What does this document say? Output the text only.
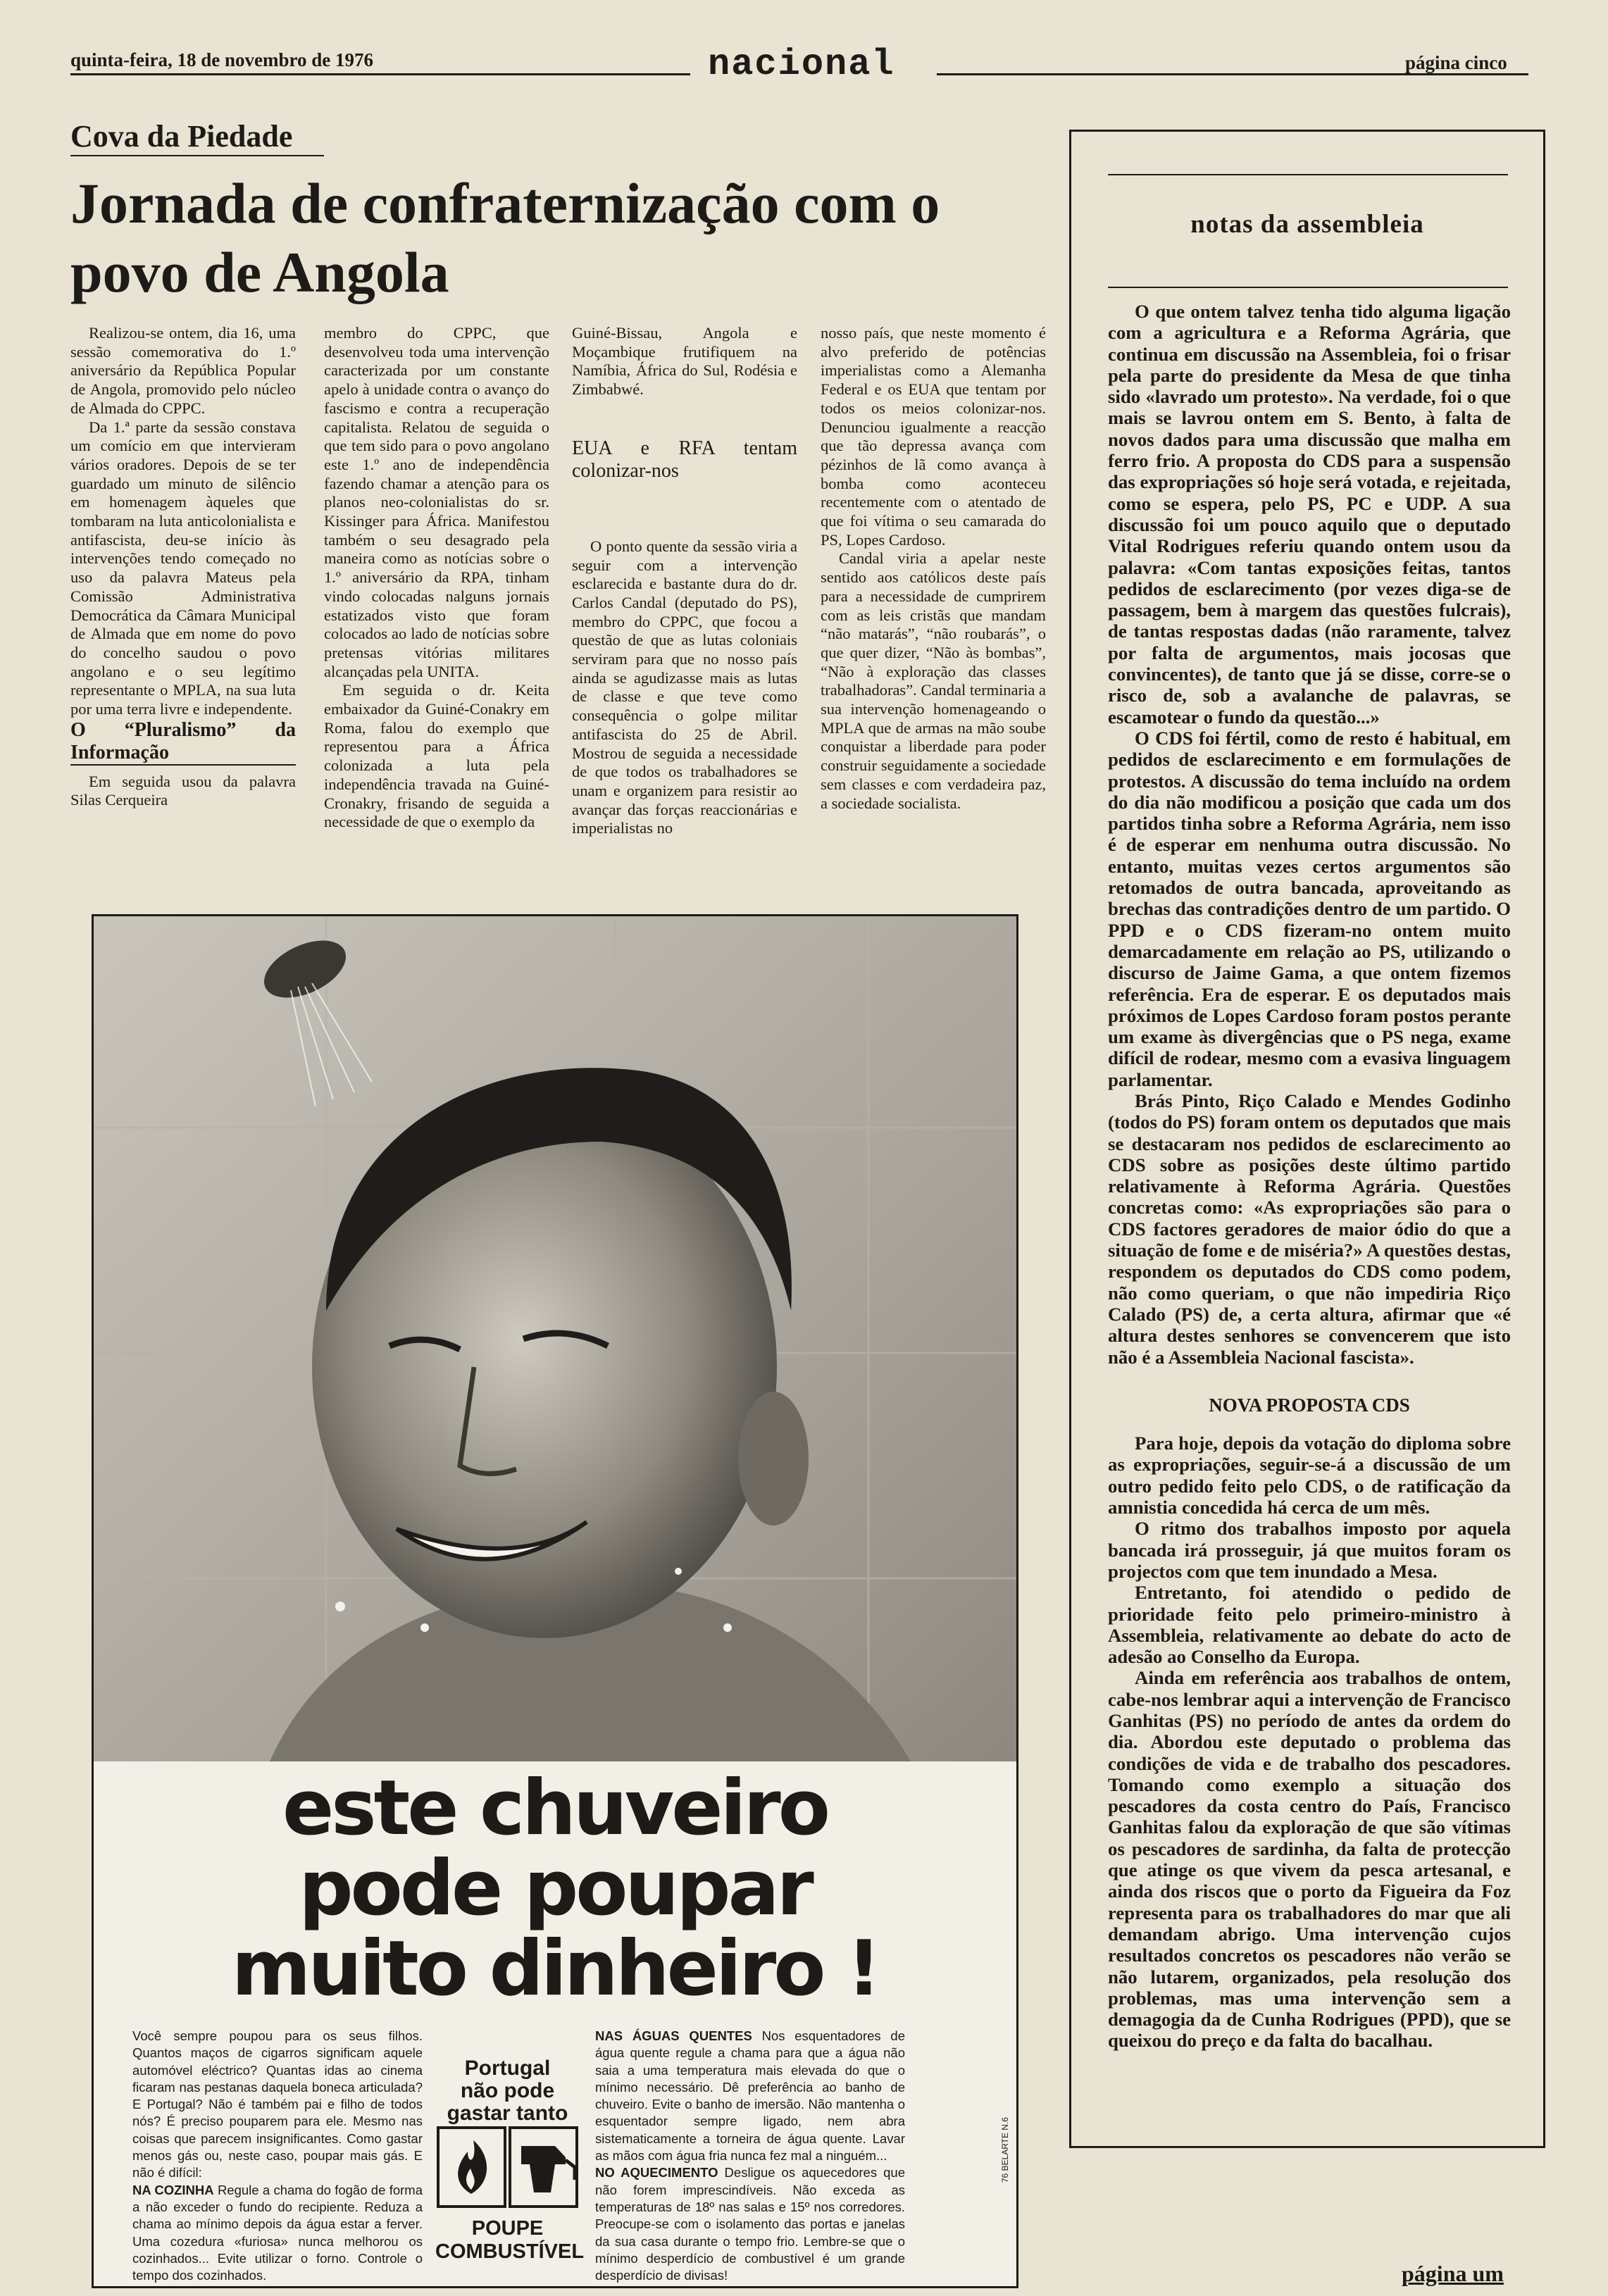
quinta-feira, 18 de novembro de 1976	nacional	página cinco
Cova da Piedade
Jornada de confraternização com o povo de Angola

Realizou-se ontem, dia 16, uma sessão comemorativa do 1.º aniversário da República Popular de Angola, promovido pelo núcleo de Almada do CPPC.

Da 1.ª parte da sessão constava um comício em que intervieram vários oradores. Depois de se ter guardado um minuto de silêncio em homenagem àqueles que tombaram na luta anticolonialista e antifascista, deu-se início às intervenções tendo começado no uso da palavra Mateus pela Comissão Administrativa Democrática da Câmara Municipal de Almada que em nome do povo do concelho saudou o povo angolano e o seu legítimo representante o MPLA, na sua luta por uma terra livre e independente.

O “Pluralismo” da Informação

Em seguida usou da palavra Silas Cerqueira

membro do CPPC, que desenvolveu toda uma intervenção caracterizada por um constante apelo à unidade contra o avanço do fascismo e contra a recuperação capitalista. Relatou de seguida o que tem sido para o povo angolano este 1.º ano de independência fazendo chamar a atenção para os planos neo-colonialistas do sr. Kissinger para África. Manifestou também o seu desagrado pela maneira como as notícias sobre o 1.º aniversário da RPA, tinham vindo colocadas nalguns jornais estatizados visto que foram colocados ao lado de notícias sobre pretensas vitórias militares alcançadas pela UNITA.

Em seguida o dr. Keita embaixador da Guiné-Conakry em Roma, falou do exemplo que representou para a África colonizada a luta pela independência travada na Guiné-Cronakry, frisando de seguida a necessidade de que o exemplo da

Guiné-Bissau, Angola e Moçambique frutifiquem na Namíbia, África do Sul, Rodésia e Zimbabwé.

EUA e RFA tentam colonizar-nos

O ponto quente da sessão viria a seguir com a intervenção esclarecida e bastante dura do dr. Carlos Candal (deputado do PS), membro do CPPC, que focou a questão de que as lutas coloniais serviram para que no nosso país ainda se agudizasse mais as lutas de classe e que teve como consequência o golpe militar antifascista do 25 de Abril. Mostrou de seguida a necessidade de que todos os trabalhadores se unam e organizem para resistir ao avançar das forças reaccionárias e imperialistas no

nosso país, que neste momento é alvo preferido de potências imperialistas como a Alemanha Federal e os EUA que tentam por todos os meios colonizar-nos. Denunciou igualmente a reacção que tão depressa avança com pézinhos de lã como avança à bomba como aconteceu recentemente com o atentado de que foi vítima o seu camarada do PS, Lopes Cardoso.

Candal viria a apelar neste sentido aos católicos deste país para a necessidade de cumprirem com as leis cristãs que mandam “não matarás”, “não roubarás”, o que quer dizer, “Não às bombas”, “Não à exploração das classes trabalhadoras”. Candal terminaria a sua intervenção homenageando o MPLA que de armas na mão soube conquistar a liberdade para poder construir seguidamente a sociedade sem classes e com verdadeira paz, a sociedade socialista.

este chuveiro
pode poupar
muito dinheiro !
Você sempre poupou para os seus filhos. Quantos maços de cigarros significam aquele automóvel eléctrico? Quantas idas ao cinema ficaram nas pestanas daquela boneca articulada? E Portugal? Não é também pai e filho de todos nós? É preciso pouparem para ele. Mesmo nas coisas que parecem insignificantes. Como gastar menos gás ou, neste caso, poupar mais gás. E não é difícil:
NA COZINHA Regule a chama do fogão de forma a não exceder o fundo do recipiente. Reduza a chama ao mínimo depois da água estar a ferver. Uma cozedura «furiosa» nunca melhorou os cozinhados... Evite utilizar o forno. Controle o tempo dos cozinhados.
Portugal
não pode gastar tanto
POUPE COMBUSTÍVEL
NAS ÁGUAS QUENTES Nos esquentadores de água quente regule a chama para que a água não saia a uma temperatura mais elevada do que o mínimo necessário. Dê preferência ao banho de chuveiro. Evite o banho de imersão. Não mantenha o esquentador sempre ligado, nem abra sistematicamente a torneira de água quente. Lavar as mãos com água fria nunca fez mal a ninguém...
NO AQUECIMENTO Desligue os aquecedores que não forem imprescindíveis. Não exceda as temperaturas de 18º nas salas e 15º nos corredores. Preocupe-se com o isolamento das portas e janelas da sua casa durante o tempo frio. Lembre-se que o mínimo desperdício de combustível é um grande desperdício de divisas!
76 BELARTE N.6
notas da assembleia

O que ontem talvez tenha tido alguma ligação com a agricultura e a Reforma Agrária, que continua em discussão na Assembleia, foi o frisar pela parte do presidente da Mesa de que tinha sido «lavrado um protesto». Na verdade, foi o que mais se lavrou ontem em S. Bento, à falta de novos dados para uma discussão que malha em ferro frio. A proposta do CDS para a suspensão das expropriações só hoje será votada, e rejeitada, como se espera, pelo PS, PC e UDP. A sua discussão foi um pouco aquilo que o deputado Vital Rodrigues referiu quando ontem usou da palavra: «Com tantas exposições feitas, tantos pedidos de esclarecimento (por vezes diga-se de passagem, bem à margem das questões fulcrais), de tantas respostas dadas (não raramente, talvez por falta de argumentos, mais jocosas que convincentes), de tanto que já se disse, corre-se o risco de, sob a avalanche de palavras, se escamotear o fundo da questão...»

O CDS foi fértil, como de resto é habitual, em pedidos de esclarecimento e em formulações de protestos. A discussão do tema incluído na ordem do dia não modificou a posição que cada um dos partidos tinha sobre a Reforma Agrária, nem isso é de esperar em nenhuma outra discussão. No entanto, muitas vezes certos argumentos são retomados de outra bancada, aproveitando as brechas das contradições dentro de um partido. O PPD e o CDS fizeram-no ontem muito demarcadamente em relação ao PS, utilizando o discurso de Jaime Gama, a que ontem fizemos referência. Era de esperar. E os deputados mais próximos de Lopes Cardoso foram postos perante um exame às divergências que o PS nega, exame difícil de rodear, mesmo com a evasiva linguagem parlamentar.

Brás Pinto, Riço Calado e Mendes Godinho (todos do PS) foram ontem os deputados que mais se destacaram nos pedidos de esclarecimento ao CDS sobre as posições deste último partido relativamente à Reforma Agrária. Questões concretas como: «As expropriações são para o CDS factores geradores de maior ódio do que a situação de fome e de miséria?» A questões destas, respondem os deputados do CDS como podem, não como queriam, o que não impediria Riço Calado (PS) de, a certa altura, afirmar que «é altura destes senhores se convencerem que isto não é a Assembleia Nacional fascista».

NOVA PROPOSTA CDS

Para hoje, depois da votação do diploma sobre as expropriações, seguir-se-á a discussão de um outro pedido feito pelo CDS, o de ratificação da amnistia concedida há cerca de um mês.

O ritmo dos trabalhos imposto por aquela bancada irá prosseguir, já que muitos foram os projectos com que tem inundado a Mesa.

Entretanto, foi atendido o pedido de prioridade feito pelo primeiro-ministro à Assembleia, relativamente ao debate do acto de adesão ao Conselho da Europa.

Ainda em referência aos trabalhos de ontem, cabe-nos lembrar aqui a intervenção de Francisco Ganhitas (PS) no período de antes da ordem do dia. Abordou este deputado o problema das condições de vida e de trabalho dos pescadores. Tomando como exemplo a situação dos pescadores da costa centro do País, Francisco Ganhitas falou da exploração de que são vítimas os pescadores de sardinha, da falta de protecção que atinge os que vivem da pesca artesanal, e ainda dos riscos que o porto da Figueira da Foz representa para os trabalhadores do mar que ali demandam abrigo. Uma intervenção cujos resultados concretos os pescadores não verão se não lutarem, organizados, pela resolução dos problemas, mas uma intervenção sem a demagogia da de Cunha Rodrigues (PPD), que se queixou do preço e da falta do bacalhau.

página um
